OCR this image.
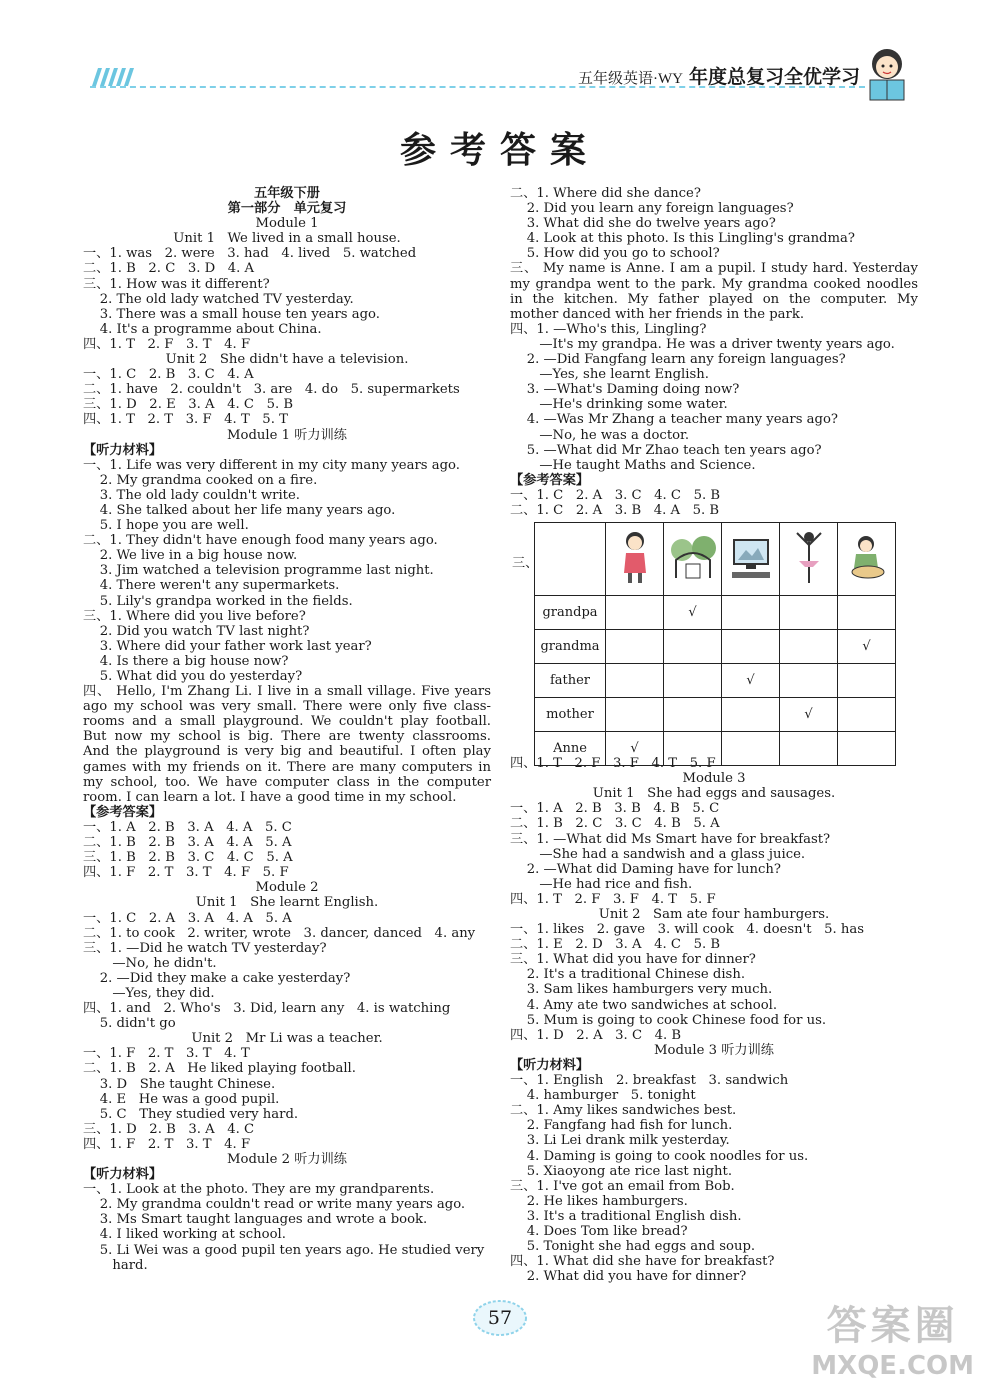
五年级英语·WY 年度总复习全优学习
参考答案
五年级下册
第一部分　单元复习
Module 1
Unit 1   We lived in a small house.
一、1. was   2. were   3. had   4. lived   5. watched
二、1. B   2. C   3. D   4. A
三、1. How was it different?
2. The old lady watched TV yesterday.
3. There was a small house ten years ago.
4. It's a programme about China.
四、1. T   2. F   3. T   4. F
Unit 2   She didn't have a television.
一、1. C   2. B   3. C   4. A
二、1. have   2. couldn't   3. are   4. do   5. supermarkets
三、1. D   2. E   3. A   4. C   5. B
四、1. T   2. T   3. F   4. T   5. T
Module 1 听力训练
【听力材料】
一、1. Life was very different in my city many years ago.
2. My grandma cooked on a fire.
3. The old lady couldn't write.
4. She talked about her life many years ago.
5. I hope you are well.
二、1. They didn't have enough food many years ago.
2. We live in a big house now.
3. Jim watched a television programme last night.
4. There weren't any supermarkets.
5. Lily's grandpa worked in the fields.
三、1. Where did you live before?
2. Did you watch TV last night?
3. Where did your father work last year?
4. Is there a big house now?
5. What did you do yesterday?
四、 Hello, I'm Zhang Li. I live in a small village. Five years
ago my school was very small. There were only five class-
rooms and a small playground. We couldn't play football.
But now my school is big. There are twenty classrooms.
And the playground is very big and beautiful. I often play
games with my friends on it. There are many computers in
my school, too. We have computer class in the computer
room. I can learn a lot. I have a good time in my school.
【参考答案】
一、1. A   2. B   3. A   4. A   5. C
二、1. B   2. B   3. A   4. A   5. A
三、1. B   2. B   3. C   4. C   5. A
四、1. F   2. T   3. T   4. F   5. F
Module 2
Unit 1   She learnt English.
一、1. C   2. A   3. A   4. A   5. A
二、1. to cook   2. writer, wrote   3. dancer, danced   4. any
三、1. —Did he watch TV yesterday?
—No, he didn't.
2. —Did they make a cake yesterday?
—Yes, they did.
四、1. and   2. Who's   3. Did, learn any   4. is watching
5. didn't go
Unit 2   Mr Li was a teacher.
一、1. F   2. T   3. T   4. T
二、1. B   2. A   He liked playing football.
3. D   She taught Chinese.
4. E   He was a good pupil.
5. C   They studied very hard.
三、1. D   2. B   3. A   4. C
四、1. F   2. T   3. T   4. F
Module 2 听力训练
【听力材料】
一、1. Look at the photo. They are my grandparents.
2. My grandma couldn't read or write many years ago.
3. Ms Smart taught languages and wrote a book.
4. I liked working at school.
5. Li Wei was a good pupil ten years ago. He studied very
hard.
二、1. Where did she dance?
2. Did you learn any foreign languages?
3. What did she do twelve years ago?
4. Look at this photo. Is this Lingling's grandma?
5. How did you go to school?
三、 My name is Anne. I am a pupil. I study hard. Yesterday
my grandpa went to the park. My grandma cooked noodles
in the kitchen. My father played on the computer. My
mother danced with her friends in the park.
四、1. —Who's this, Lingling?
—It's my grandpa. He was a driver twenty years ago.
2. —Did Fangfang learn any foreign languages?
—Yes, she learnt English.
3. —What's Daming doing now?
—He's drinking some water.
4. —Was Mr Zhang a teacher many years ago?
—No, he was a doctor.
5. —What did Mr Zhao teach ten years ago?
—He taught Maths and Science.
【参考答案】
一、1. C   2. A   3. C   4. C   5. B
二、1. C   2. A   3. B   4. A   5. B
三、

grandpa		√			
grandma					√
father			√		
mother				√	
Anne	√				
四、1. T   2. F   3. F   4. T   5. F
Module 3
Unit 1   She had eggs and sausages.
一、1. A   2. B   3. B   4. B   5. C
二、1. B   2. C   3. C   4. B   5. A
三、1. —What did Ms Smart have for breakfast?
—She had a sandwish and a glass juice.
2. —What did Daming have for lunch?
—He had rice and fish.
四、1. T   2. F   3. F   4. T   5. F
Unit 2   Sam ate four hamburgers.
一、1. likes   2. gave   3. will cook   4. doesn't   5. has
二、1. E   2. D   3. A   4. C   5. B
三、1. What did you have for dinner?
2. It's a traditional Chinese dish.
3. Sam likes hamburgers very much.
4. Amy ate two sandwiches at school.
5. Mum is going to cook Chinese food for us.
四、1. D   2. A   3. C   4. B
Module 3 听力训练
【听力材料】
一、1. English   2. breakfast   3. sandwich
4. hamburger   5. tonight
二、1. Amy likes sandwiches best.
2. Fangfang had fish for lunch.
3. Li Lei drank milk yesterday.
4. Daming is going to cook noodles for us.
5. Xiaoyong ate rice last night.
三、1. I've got an email from Bob.
2. He likes hamburgers.
3. It's a traditional English dish.
4. Does Tom like bread?
5. Tonight she had eggs and soup.
四、1. What did she have for breakfast?
2. What did you have for dinner?
57	答案圈
MXQE.COM
